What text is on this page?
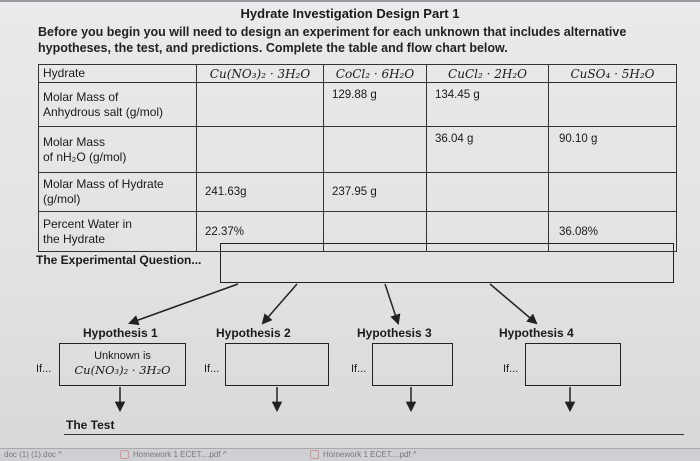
Hydrate Investigation Design Part 1
Before you begin you will need to design an experiment for each unknown that includes alternative hypotheses, the test, and predictions. Complete the table and flow chart below.
Hydrate	Cu(NO₃)₂ · 3H₂O	CoCl₂ · 6H₂O	CuCl₂ · 2H₂O	CuSO₄ · 5H₂O
Molar Mass of
Anhydrous salt (g/mol)		129.88 g	134.45 g	
Molar Mass
of nH₂O (g/mol)			36.04 g	90.10 g
Molar Mass of Hydrate
(g/mol)	241.63g	237.95 g		
Percent Water in
the Hydrate	22.37%			36.08%
The Experimental Question...
Hypothesis 1	Hypothesis 2	Hypothesis 3	Hypothesis 4
If...
Unknown is
Cu(NO₃)₂ · 3H₂O	If...	If...	If...
The Test
doc (1) (1).doc ^	Homework 1 ECET....pdf ^	Homework 1 ECET....pdf ^
